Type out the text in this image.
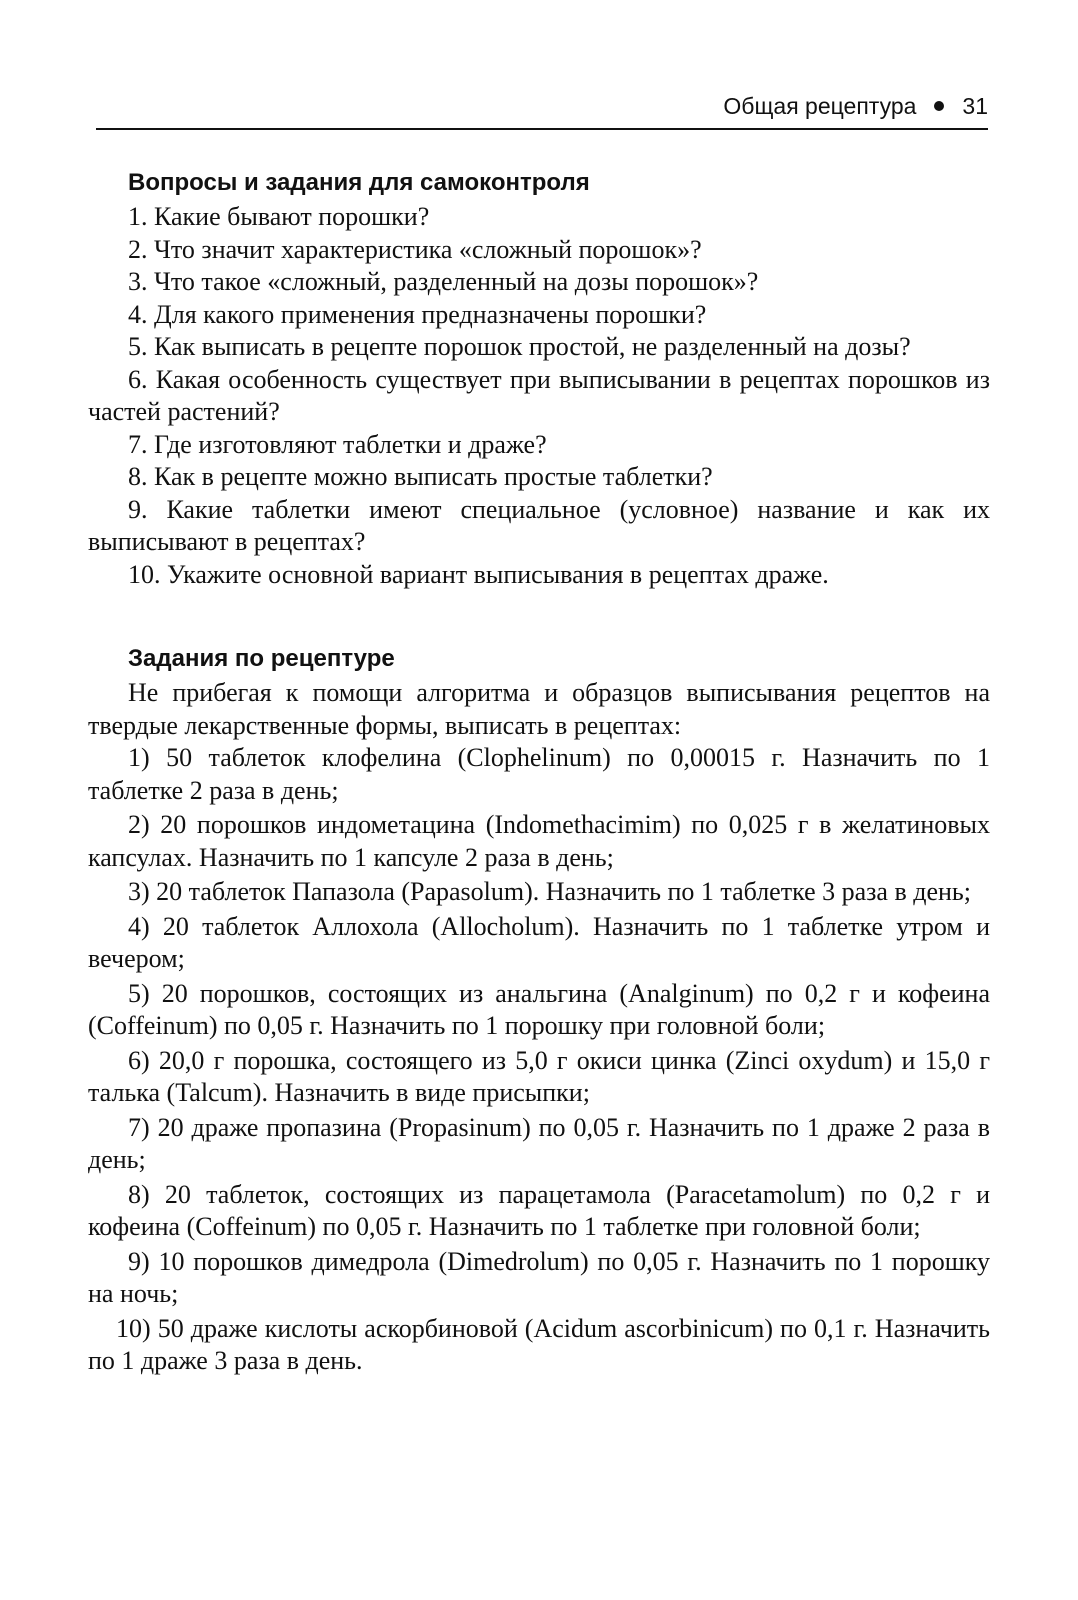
Общая рецептура 31
Вопросы и задания для самоконтроля

1. Какие бывают порошки?

2. Что значит характеристика «сложный порошок»?

3. Что такое «сложный, разделенный на дозы порошок»?

4. Для какого применения предназначены порошки?

5. Как выписать в рецепте порошок простой, не разделенный на дозы?

6. Какая особенность существует при выписывании в рецептах порошков из частей растений?

7. Где изготовляют таблетки и драже?

8. Как в рецепте можно выписать простые таблетки?

9. Какие таблетки имеют специальное (условное) название и как их выписывают в рецептах?

10. Укажите основной вариант выписывания в рецептах драже.

Задания по рецептуре

Не прибегая к помощи алгоритма и образцов выписывания рецептов на твердые лекарственные формы, выписать в рецептах:

1) 50 таблеток клофелина (Clophelinum) по 0,00015 г. Назначить по 1 таблетке 2 раза в день;

2) 20 порошков индометацина (Indomethacimim) по 0,025 г в желатиновых капсулах. Назначить по 1 капсуле 2 раза в день;

3) 20 таблеток Папазола (Papasolum). Назначить по 1 таблетке 3 раза в день;

4) 20 таблеток Аллохола (Allocholum). Назначить по 1 таблетке утром и вечером;

5) 20 порошков, состоящих из анальгина (Analginum) по 0,2 г и кофеина (Coffeinum) по 0,05 г. Назначить по 1 порошку при головной боли;

6) 20,0 г порошка, состоящего из 5,0 г окиси цинка (Zinci oxydum) и 15,0 г талька (Talcum). Назначить в виде присыпки;

7) 20 драже пропазина (Propasinum) по 0,05 г. Назначить по 1 драже 2 раза в день;

8) 20 таблеток, состоящих из парацетамола (Paracetamolum) по 0,2 г и кофеина (Coffeinum) по 0,05 г. Назначить по 1 таблетке при головной боли;

9) 10 порошков димедрола (Dimedrolum) по 0,05 г. Назначить по 1 порошку на ночь;

10) 50 драже кислоты аскорбиновой (Acidum ascorbinicum) по 0,1 г. Назначить по 1 драже 3 раза в день.
